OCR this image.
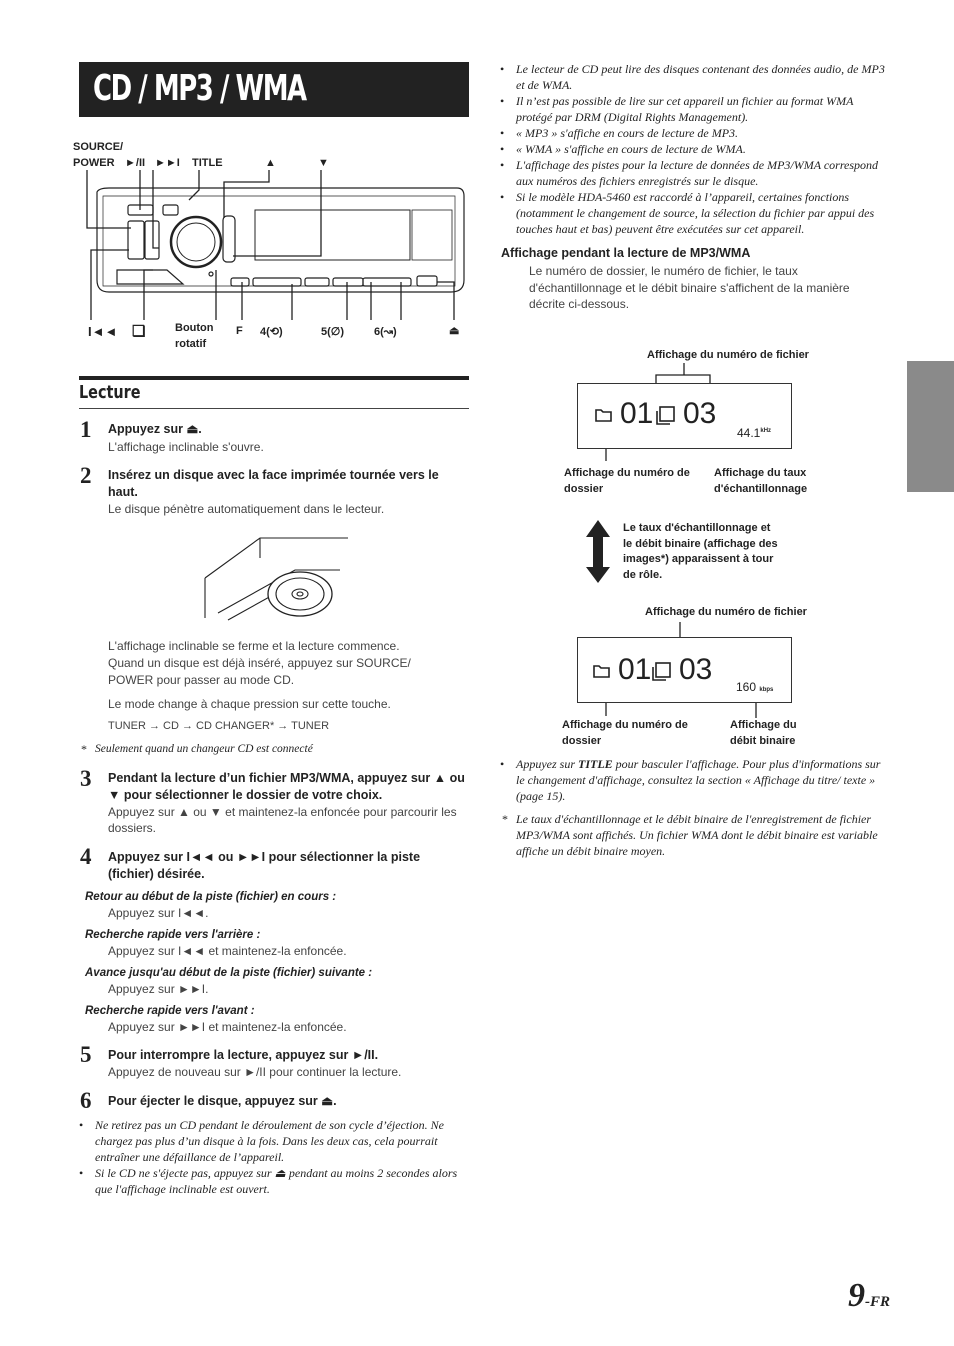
CD / MP3 / WMA
SOURCE/
POWER ►/II ►►I TITLE	▲	▼
I◄◄ ❏	Bouton
rotatif
F 4(⟲)	5(∅)	6(↝)	⏏
Lecture
1 Appuyez sur ⏏.
L'affichage inclinable s'ouvre.
2 Insérez un disque avec la face imprimée tournée vers le haut.
Le disque pénètre automatiquement dans le lecteur.
L'affichage inclinable se ferme et la lecture commence.
Quand un disque est déjà inséré, appuyez sur SOURCE/
POWER pour passer au mode CD.
Le mode change à chaque pression sur cette touche.
TUNER → CD → CD CHANGER* → TUNER
* Seulement quand un changeur CD est connecté
3 Pendant la lecture d’un fichier MP3/WMA, appuyez sur ▲ ou ▼ pour sélectionner le dossier de votre choix.
Appuyez sur ▲ ou ▼ et maintenez-la enfoncée pour parcourir les dossiers.
4 Appuyez sur I◄◄ ou ►►I pour sélectionner la piste (fichier) désirée.
Retour au début de la piste (fichier) en cours :
Appuyez sur I◄◄.
Recherche rapide vers l'arrière :
Appuyez sur I◄◄ et maintenez-la enfoncée.
Avance jusqu'au début de la piste (fichier) suivante :
Appuyez sur ►►I.
Recherche rapide vers l'avant :
Appuyez sur ►►I et maintenez-la enfoncée.
5 Pour interrompre la lecture, appuyez sur ►/II.
Appuyez de nouveau sur ►/II pour continuer la lecture.
6 Pour éjecter le disque, appuyez sur ⏏.
• Ne retirez pas un CD pendant le déroulement de son cycle d’éjection. Ne chargez pas plus d’un disque à la fois. Dans les deux cas, cela pourrait entraîner une défaillance de l’appareil.
• Si le CD ne s'éjecte pas, appuyez sur ⏏ pendant au moins 2 secondes alors que l'affichage inclinable est ouvert.
• Le lecteur de CD peut lire des disques contenant des données audio, de MP3 et de WMA.
• Il n’est pas possible de lire sur cet appareil un fichier au format WMA protégé par DRM (Digital Rights Management).
• « MP3 » s'affiche en cours de lecture de MP3.
• « WMA » s'affiche en cours de lecture de WMA.
• L'affichage des pistes pour la lecture de données de MP3/WMA correspond aux numéros des fichiers enregistrés sur le disque.
• Si le modèle HDA-5460 est raccordé à l’appareil, certaines fonctions (notamment le changement de source, la sélection du fichier par appui des touches haut et bas) peuvent être exécutées sur cet appareil.
Affichage pendant la lecture de MP3/WMA
Le numéro de dossier, le numéro de fichier, le taux
d'échantillonnage et le débit binaire s'affichent de la manière
décrite ci-dessous.
Affichage du numéro de fichier
01 03
$44.1^{kHz}$
Affichage du numéro de
dossier
Affichage du taux
d'échantillonnage
Le taux d'échantillonnage et
le débit binaire (affichage des
images*) apparaissent à tour
de rôle.
Affichage du numéro de fichier
01 03
160 kbps
Affichage du numéro de
dossier
Affichage du
débit binaire
• Appuyez sur TITLE pour basculer l'affichage. Pour plus d'informations sur le changement d'affichage, consultez la section « Affichage du titre/ texte » (page 15).
* Le taux d'échantillonnage et le débit binaire de l'enregistrement de fichier MP3/WMA sont affichés. Un fichier WMA dont le débit binaire est variable affiche un débit binaire moyen.
9-FR
